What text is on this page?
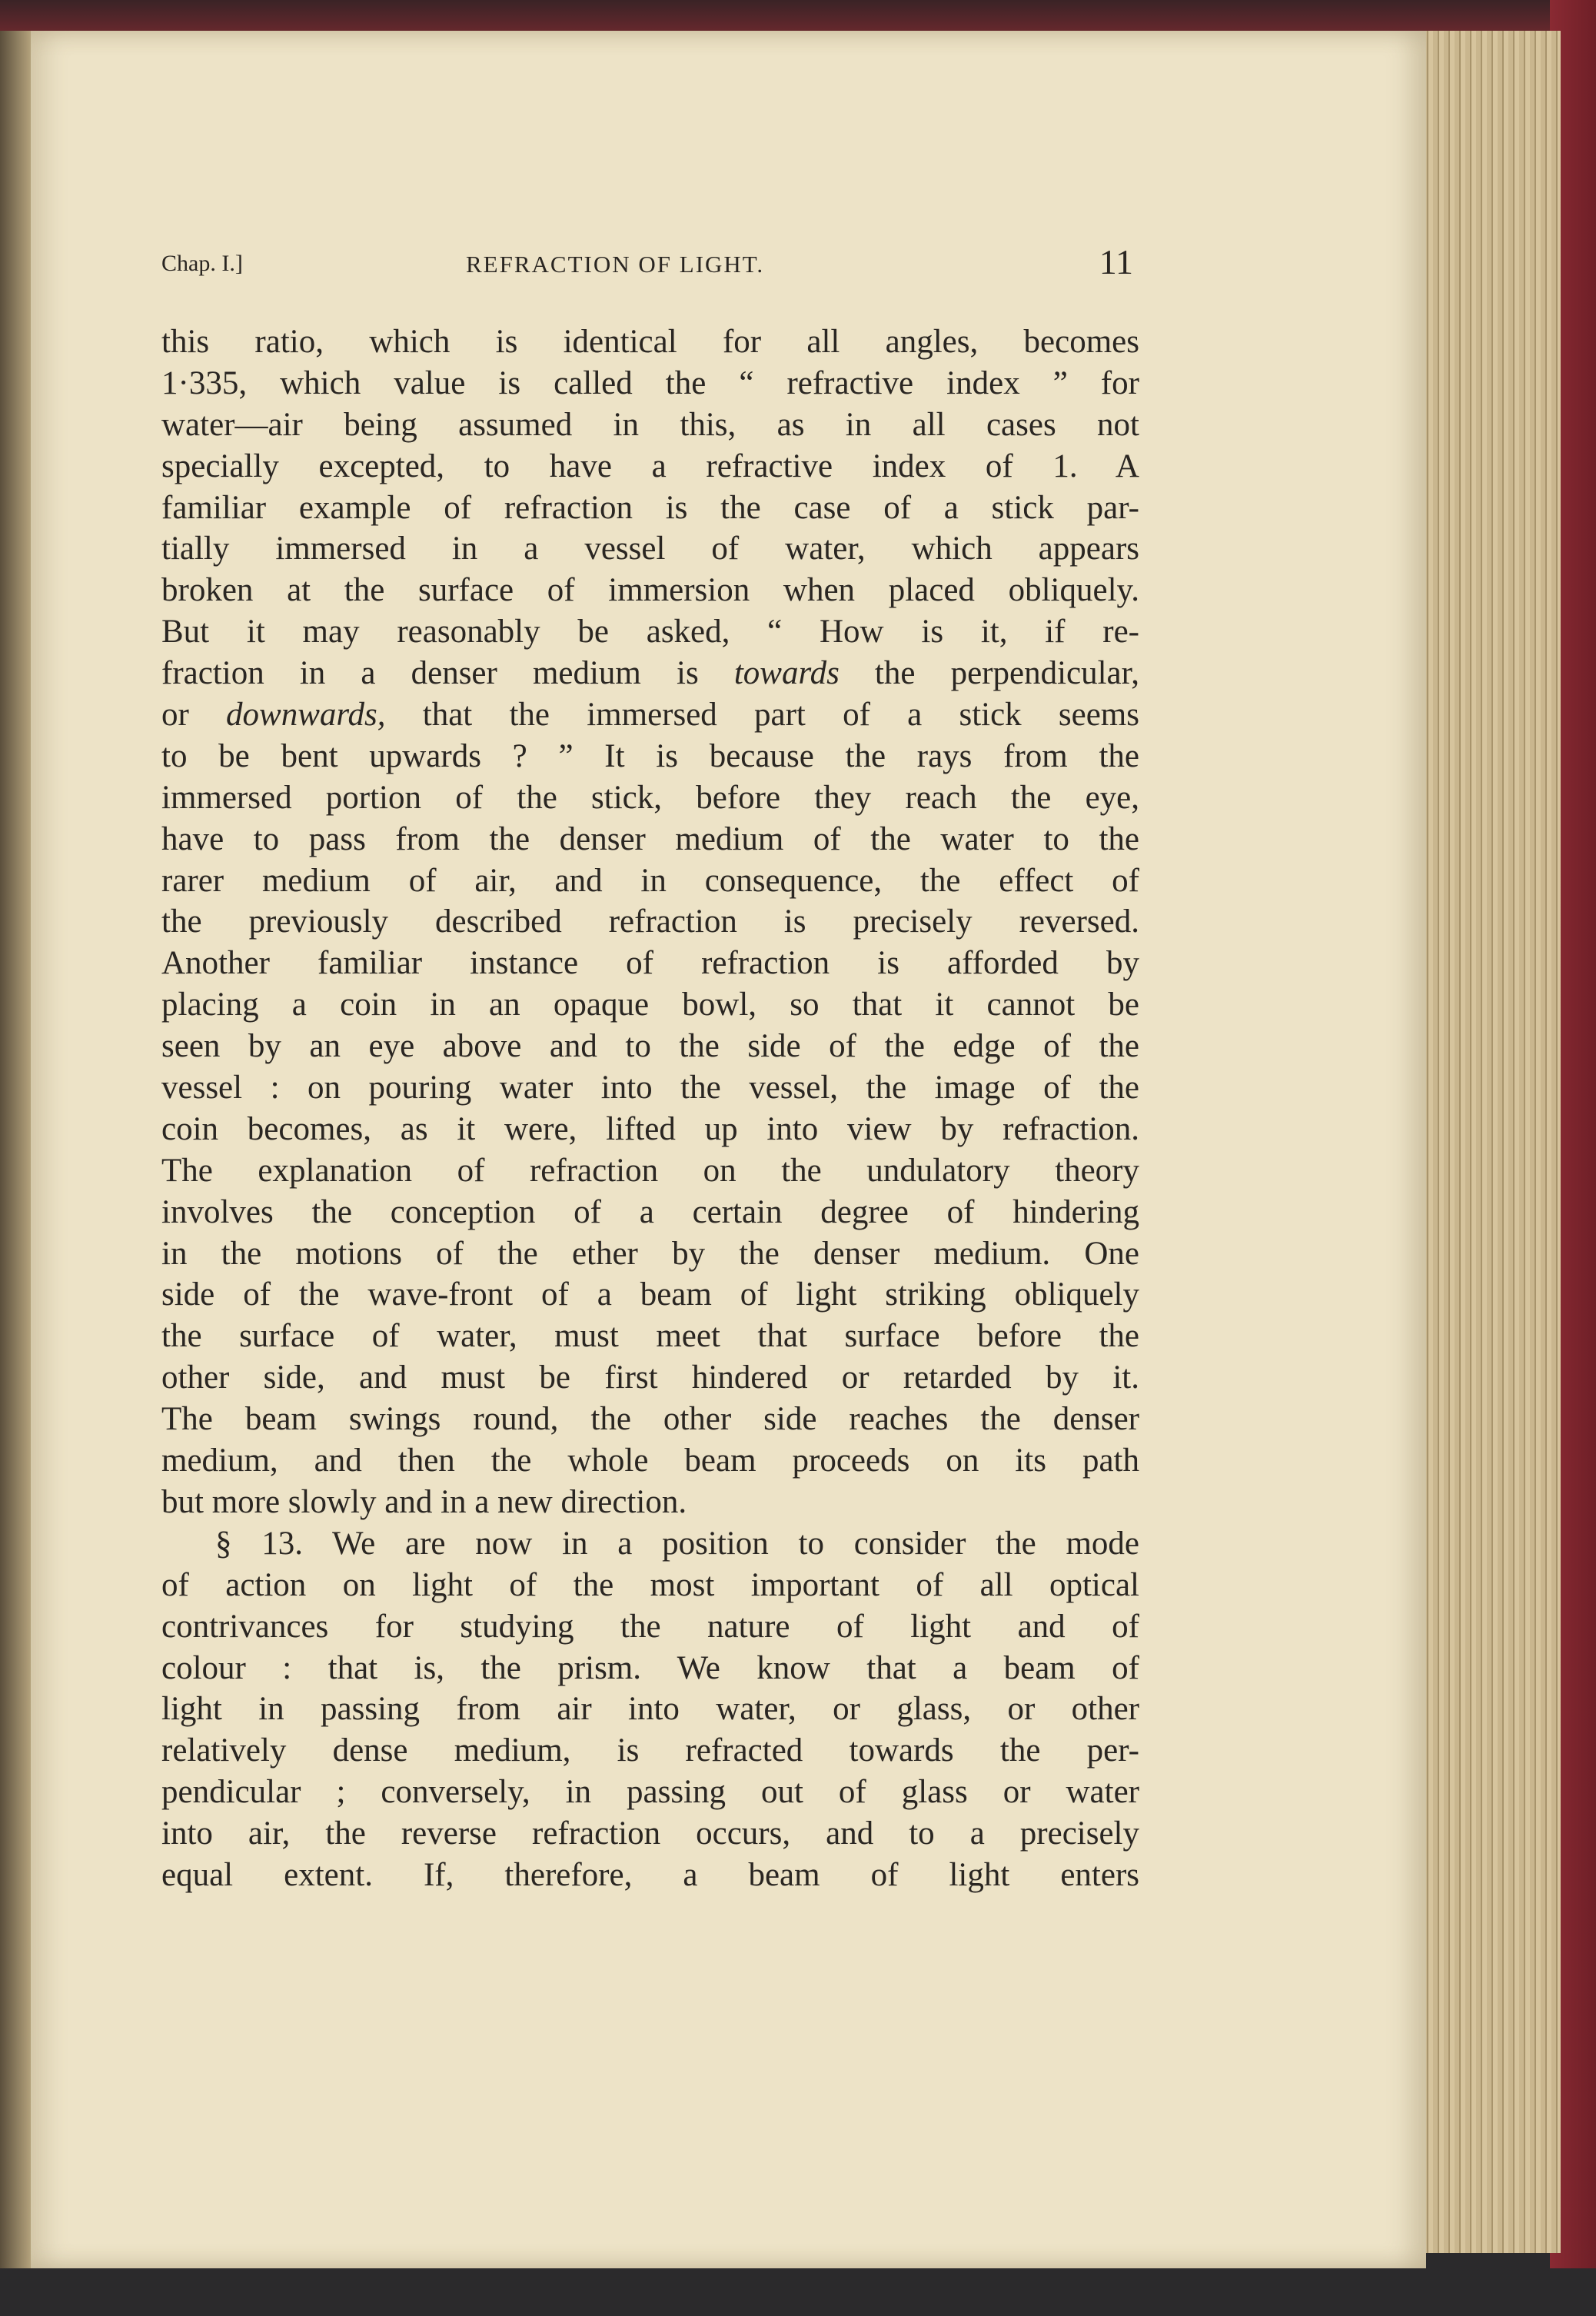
Chap. I.]	REFRACTION OF LIGHT.	11
this ratio, which is identical for all angles, becomes
1·335, which value is called the “ refractive index ” for
water—air being assumed in this, as in all cases not
specially excepted, to have a refractive index of 1. A
familiar example of refraction is the case of a stick par-
tially immersed in a vessel of water, which appears
broken at the surface of immersion when placed obliquely.
But it may reasonably be asked, “ How is it, if re-
fraction in a denser medium is towards the perpendicular,
or downwards, that the immersed part of a stick seems
to be bent upwards ? ” It is because the rays from the
immersed portion of the stick, before they reach the eye,
have to pass from the denser medium of the water to the
rarer medium of air, and in consequence, the effect of
the previously described refraction is precisely reversed.
Another familiar instance of refraction is afforded by
placing a coin in an opaque bowl, so that it cannot be
seen by an eye above and to the side of the edge of the
vessel : on pouring water into the vessel, the image of the
coin becomes, as it were, lifted up into view by refraction.
The explanation of refraction on the undulatory theory
involves the conception of a certain degree of hindering
in the motions of the ether by the denser medium. One
side of the wave-front of a beam of light striking obliquely
the surface of water, must meet that surface before the
other side, and must be first hindered or retarded by it.
The beam swings round, the other side reaches the denser
medium, and then the whole beam proceeds on its path
but more slowly and in a new direction.
§ 13. We are now in a position to consider the mode
of action on light of the most important of all optical
contrivances for studying the nature of light and of
colour : that is, the prism. We know that a beam of
light in passing from air into water, or glass, or other
relatively dense medium, is refracted towards the per-
pendicular ; conversely, in passing out of glass or water
into air, the reverse refraction occurs, and to a precisely
equal extent. If, therefore, a beam of light enters
